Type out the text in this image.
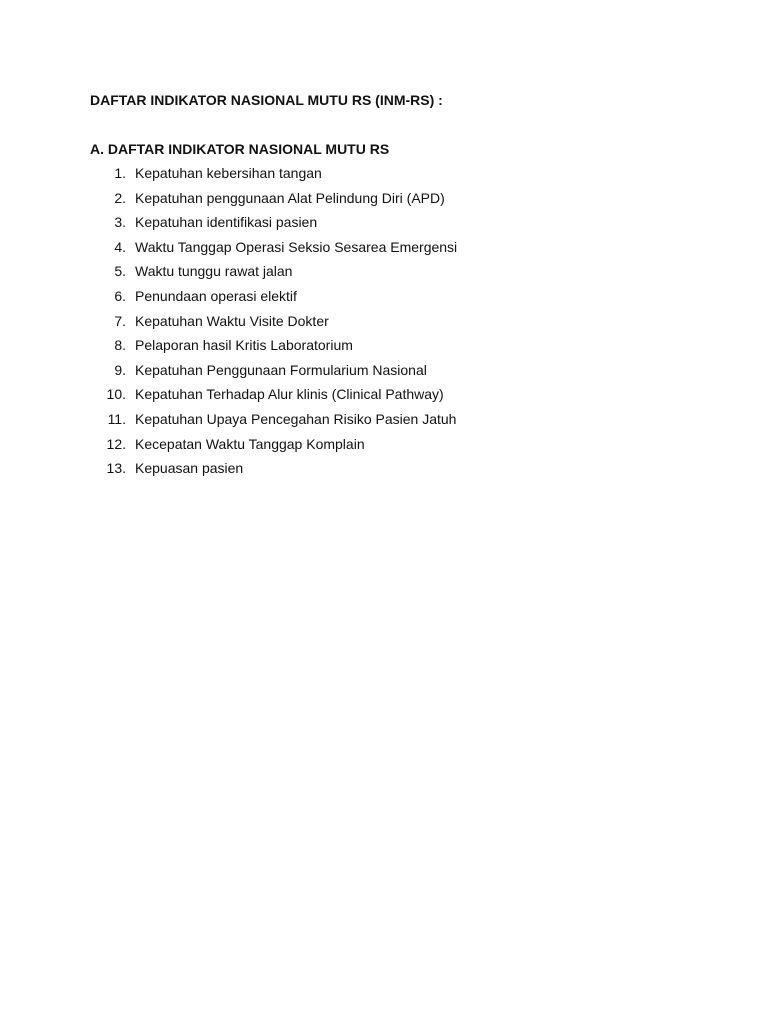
DAFTAR INDIKATOR NASIONAL MUTU RS (INM-RS) :
A. DAFTAR INDIKATOR NASIONAL MUTU RS
1. Kepatuhan kebersihan tangan
2. Kepatuhan penggunaan Alat Pelindung Diri (APD)
3. Kepatuhan identifikasi pasien
4. Waktu Tanggap Operasi Seksio Sesarea Emergensi
5. Waktu tunggu rawat jalan
6. Penundaan operasi elektif
7. Kepatuhan Waktu Visite Dokter
8. Pelaporan hasil Kritis Laboratorium
9. Kepatuhan Penggunaan Formularium Nasional
10. Kepatuhan Terhadap Alur klinis (Clinical Pathway)
11. Kepatuhan Upaya Pencegahan Risiko Pasien Jatuh
12. Kecepatan Waktu Tanggap Komplain
13. Kepuasan pasien
